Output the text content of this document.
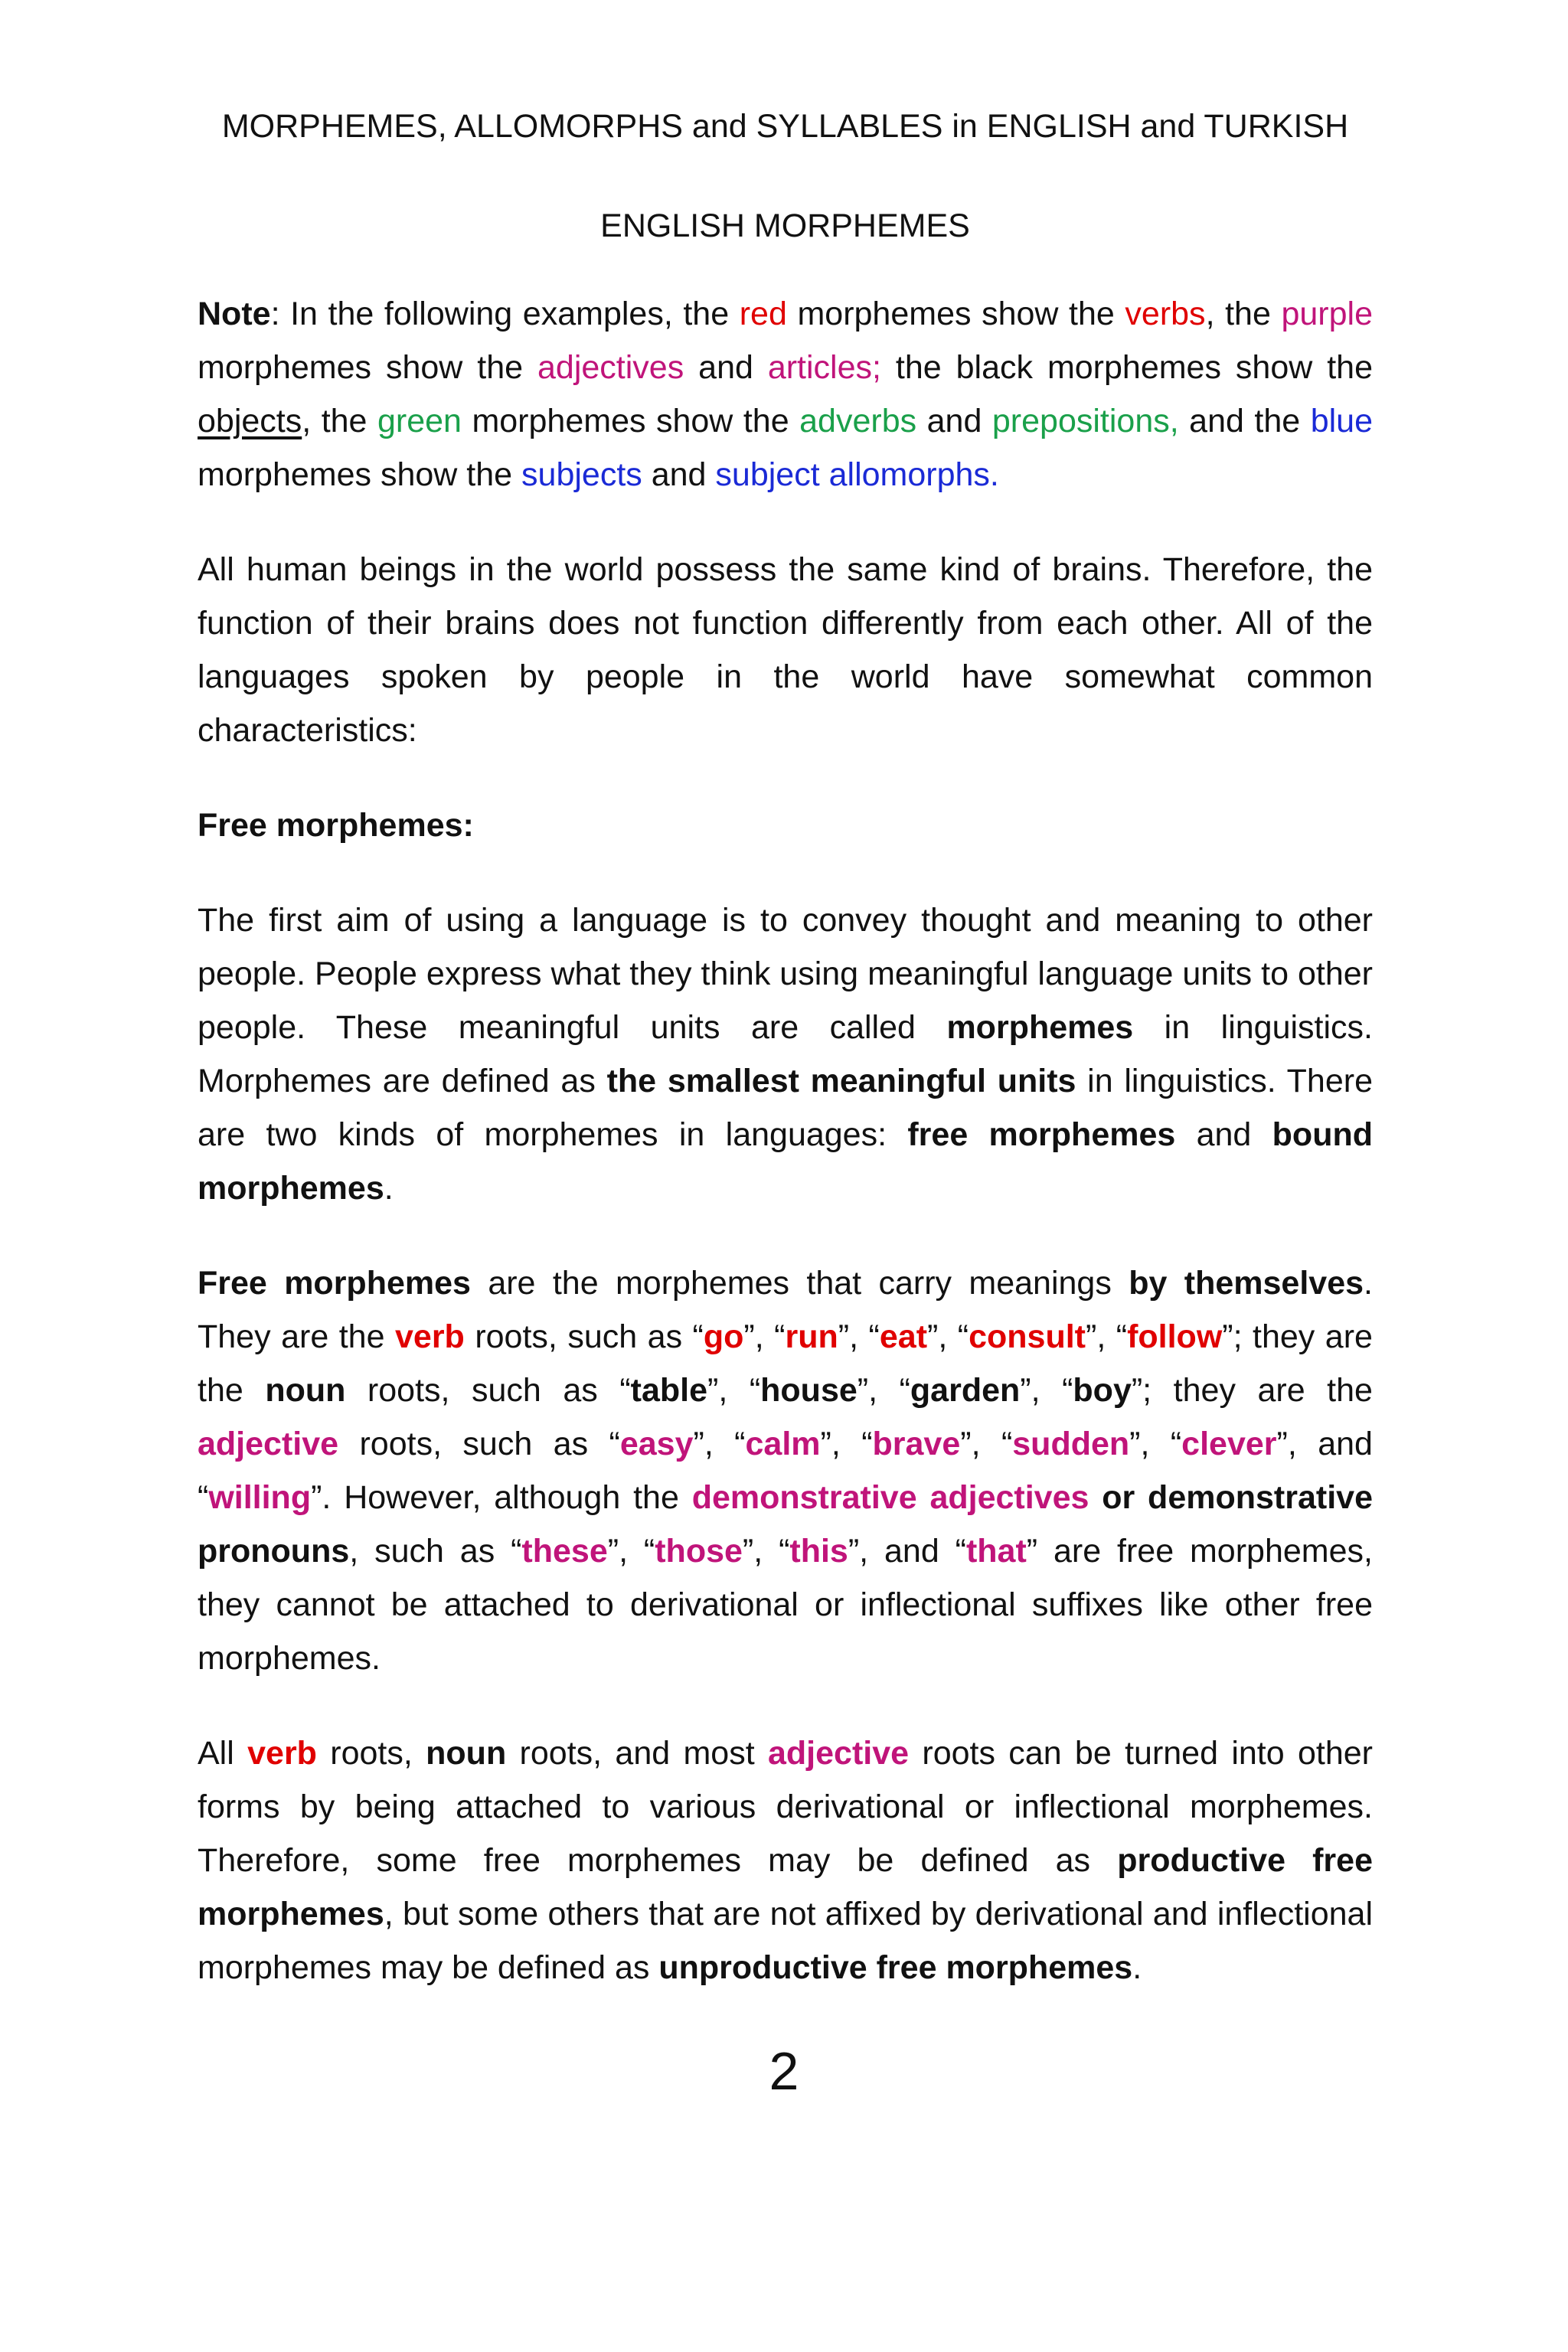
MORPHEMES, ALLOMORPHS and SYLLABLES in ENGLISH and TURKISH
ENGLISH MORPHEMES

Note: In the following examples, the red morphemes show the verbs, the purple morphemes show the adjectives and articles; the black morphemes show the objects, the green morphemes show the adverbs and prepositions, and the blue morphemes show the subjects and subject allomorphs.

All human beings in the world possess the same kind of brains. Therefore, the function of their brains does not function differently from each other. All of the languages spoken by people in the world have somewhat common characteristics:

Free morphemes:

The first aim of using a language is to convey thought and meaning to other people. People express what they think using meaningful language units to other people. These meaningful units are called morphemes in linguistics. Morphemes are defined as the smallest meaningful units in linguistics. There are two kinds of morphemes in languages: free morphemes and bound morphemes.

Free morphemes are the morphemes that carry meanings by themselves. They are the verb roots, such as “go”, “run”, “eat”, “consult”, “follow”; they are the noun roots, such as “table”, “house”, “garden”, “boy”; they are the adjective roots, such as “easy”, “calm”, “brave”, “sudden”, “clever”, and “willing”. However, although the demonstrative adjectives or demonstrative pronouns, such as “these”, “those”, “this”, and “that” are free morphemes, they cannot be attached to derivational or inflectional suffixes like other free morphemes.

All verb roots, noun roots, and most adjective roots can be turned into other forms by being attached to various derivational or inflectional morphemes. Therefore, some free morphemes may be defined as productive free morphemes, but some others that are not affixed by derivational and inflectional morphemes may be defined as unproductive free morphemes.

2
